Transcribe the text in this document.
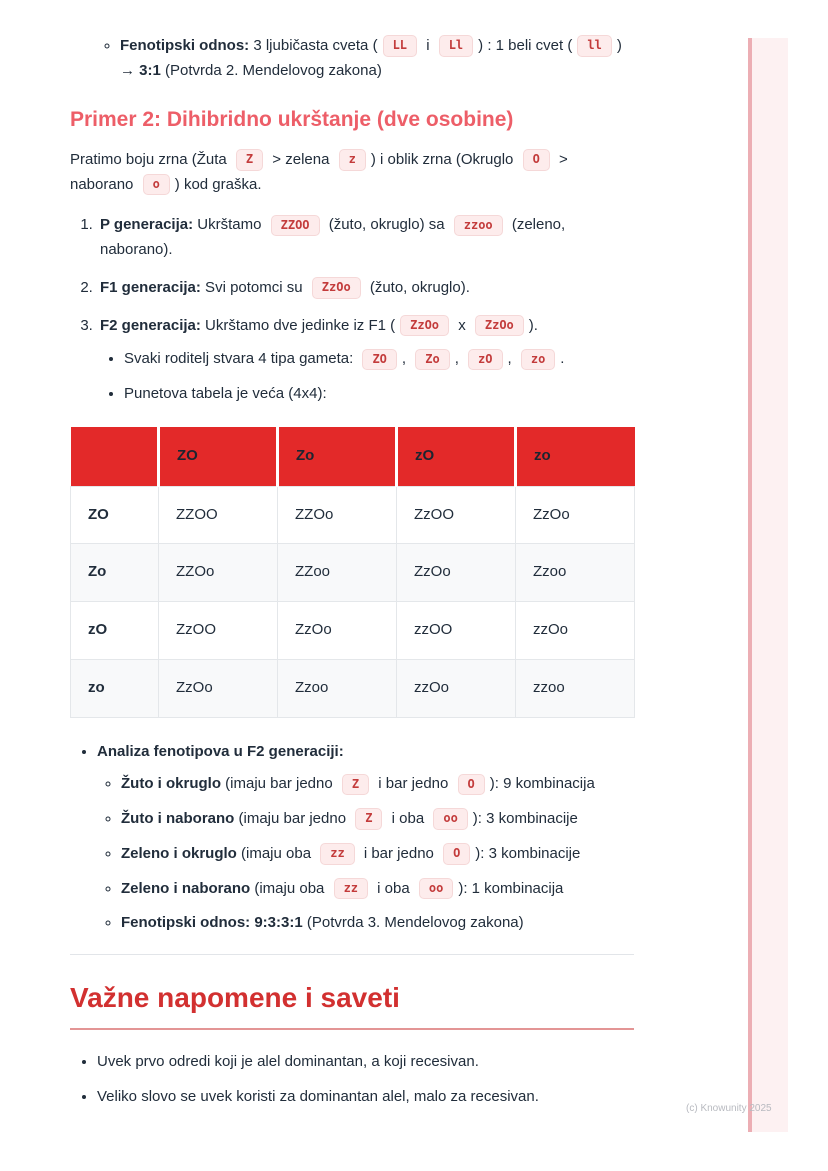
◦ Fenotipski odnos: 3 ljubičasta cveta ( LL i Ll ) : 1 beli cvet ( ll ) → 3:1 (Potvrda 2. Mendelovog zakona)
Primer 2: Dihibridno ukrštanje (dve osobine)

Pratimo boju zrna (Žuta Z > zelena z ) i oblik zrna (Okruglo O > naborano o ) kod graška.

1. P generacija: Ukrštamo ZZOO (žuto, okruglo) sa zzoo (zeleno, naborano).
2. F1 generacija: Svi potomci su ZzOo (žuto, okruglo).
3. F2 generacija: Ukrštamo dve jedinke iz F1 ( ZzOo x ZzOo ).
• Svaki roditelj stvara 4 tipa gameta: ZO , Zo , zO , zo .
• Punetova tabela je veća (4x4):
	ZO	Zo	zO	zo
ZO	ZZOO	ZZOo	ZzOO	ZzOo
Zo	ZZOo	ZZoo	ZzOo	Zzoo
zO	ZzOO	ZzOo	zzOO	zzOo
zo	ZzOo	Zzoo	zzOo	zzoo
• Analiza fenotipova u F2 generaciji:
◦ Žuto i okruglo (imaju bar jedno Z i bar jedno O ): 9 kombinacija
◦ Žuto i naborano (imaju bar jedno Z i oba oo ): 3 kombinacije
◦ Zeleno i okruglo (imaju oba zz i bar jedno O ): 3 kombinacije
◦ Zeleno i naborano (imaju oba zz i oba oo ): 1 kombinacija
◦ Fenotipski odnos: 9:3:3:1 (Potvrda 3. Mendelovog zakona)
Važne napomene i saveti
• Uvek prvo odredi koji je alel dominantan, a koji recesivan.
• Veliko slovo se uvek koristi za dominantan alel, malo za recesivan.
(c) Knowunity 2025
